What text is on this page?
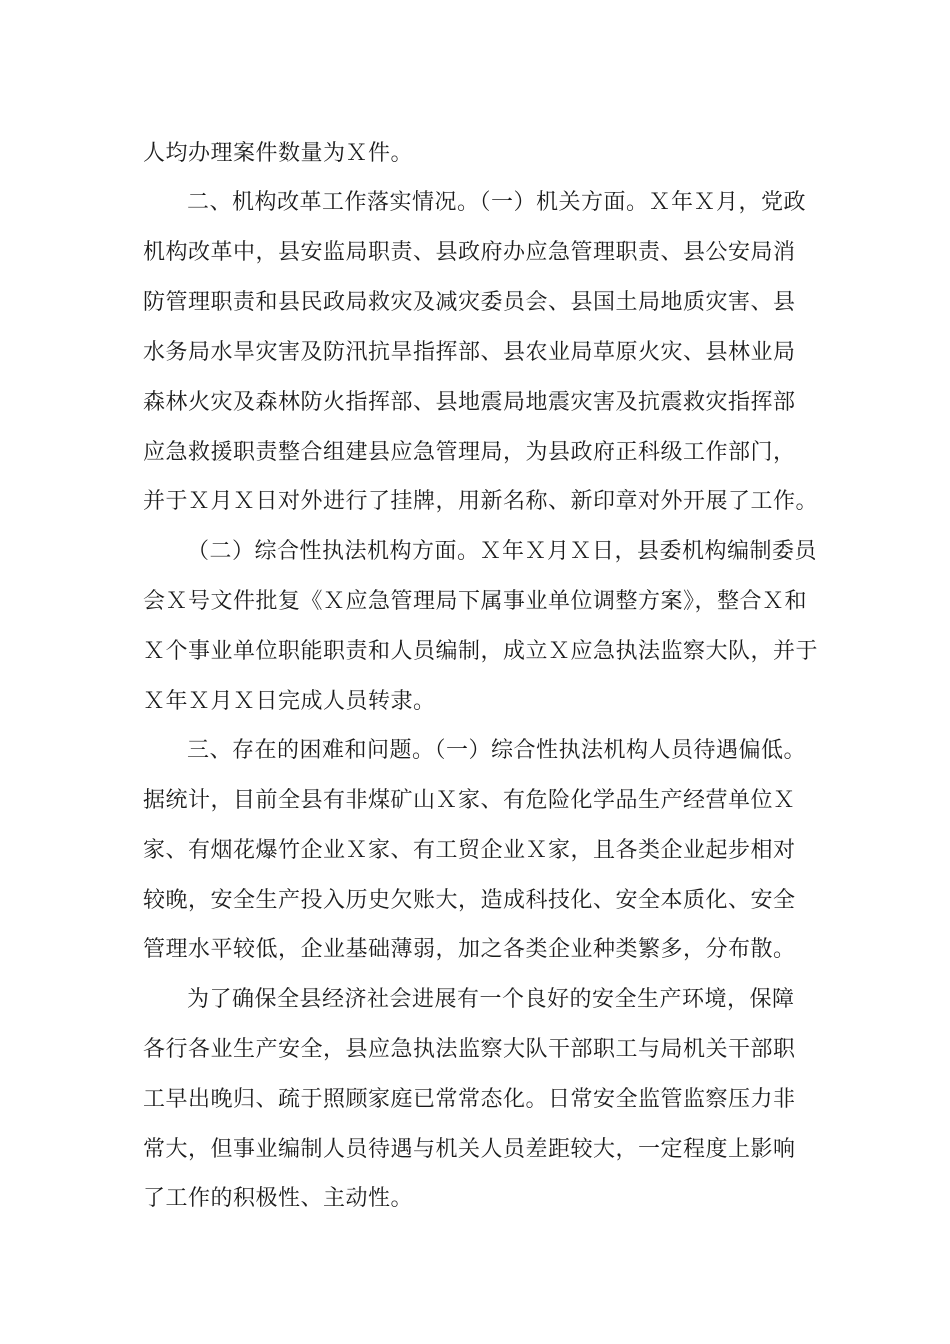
人均办理案件数量为Ｘ件。
二、机构改革工作落实情况。（一）机关方面。Ｘ年Ｘ月，党政
机构改革中，县安监局职责、县政府办应急管理职责、县公安局消
防管理职责和县民政局救灾及减灾委员会、县国土局地质灾害、县
水务局水旱灾害及防汛抗旱指挥部、县农业局草原火灾、县林业局
森林火灾及森林防火指挥部、县地震局地震灾害及抗震救灾指挥部
应急救援职责整合组建县应急管理局，为县政府正科级工作部门，
并于Ｘ月Ｘ日对外进行了挂牌，用新名称、新印章对外开展了工作。
（二）综合性执法机构方面。Ｘ年Ｘ月Ｘ日，县委机构编制委员
会Ｘ号文件批复《Ｘ应急管理局下属事业单位调整方案》，整合Ｘ和
Ｘ个事业单位职能职责和人员编制，成立Ｘ应急执法监察大队，并于
Ｘ年Ｘ月Ｘ日完成人员转隶。
三、存在的困难和问题。（一）综合性执法机构人员待遇偏低。
据统计，目前全县有非煤矿山Ｘ家、有危险化学品生产经营单位Ｘ
家、有烟花爆竹企业Ｘ家、有工贸企业Ｘ家，且各类企业起步相对
较晚，安全生产投入历史欠账大，造成科技化、安全本质化、安全
管理水平较低，企业基础薄弱，加之各类企业种类繁多，分布散。
为了确保全县经济社会进展有一个良好的安全生产环境，保障
各行各业生产安全，县应急执法监察大队干部职工与局机关干部职
工早出晚归、疏于照顾家庭已常常态化。日常安全监管监察压力非
常大，但事业编制人员待遇与机关人员差距较大，一定程度上影响
了工作的积极性、主动性。
